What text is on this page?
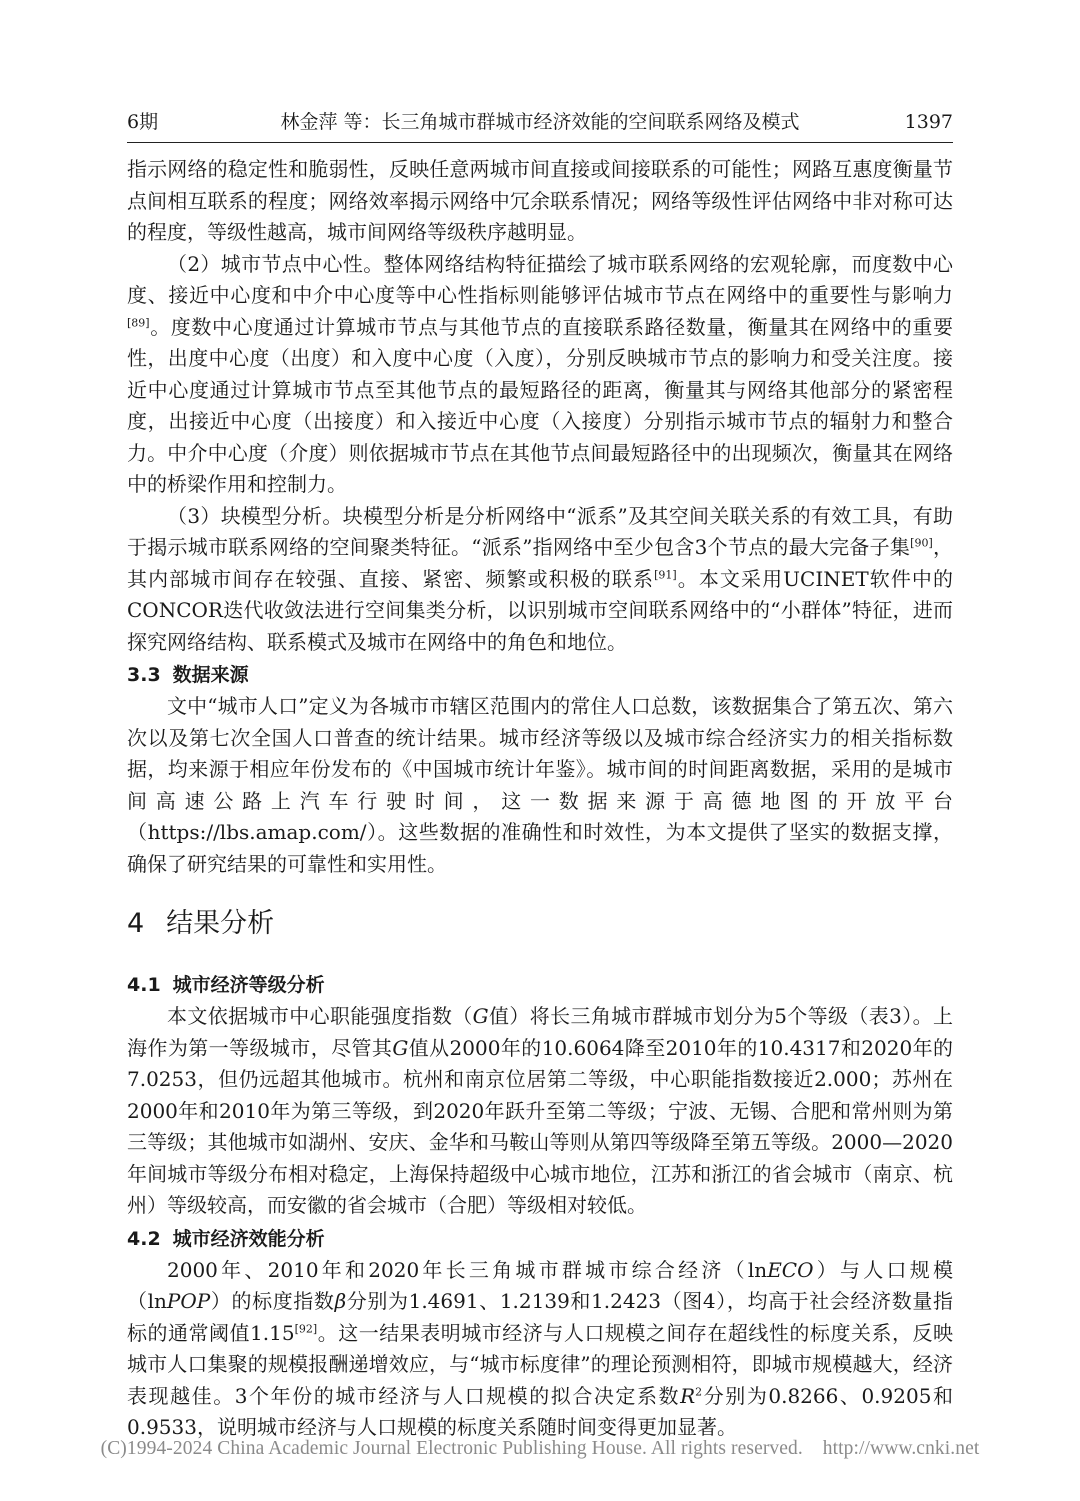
6期	林金萍 等：长三角城市群城市经济效能的空间联系网络及模式	1397

指示网络的稳定性和脆弱性，反映任意两城市间直接或间接联系的可能性；网路互惠度衡量节点间相互联系的程度；网络效率揭示网络中冗余联系情况；网络等级性评估网络中非对称可达的程度，等级性越高，城市间网络等级秩序越明显。

（2）城市节点中心性。整体网络结构特征描绘了城市联系网络的宏观轮廓，而度数中心度、接近中心度和中介中心度等中心性指标则能够评估城市节点在网络中的重要性与影响力[89]。度数中心度通过计算城市节点与其他节点的直接联系路径数量，衡量其在网络中的重要性，出度中心度（出度）和入度中心度（入度），分别反映城市节点的影响力和受关注度。接近中心度通过计算城市节点至其他节点的最短路径的距离，衡量其与网络其他部分的紧密程度，出接近中心度（出接度）和入接近中心度（入接度）分别指示城市节点的辐射力和整合力。中介中心度（介度）则依据城市节点在其他节点间最短路径中的出现频次，衡量其在网络中的桥梁作用和控制力。

（3）块模型分析。块模型分析是分析网络中“派系”及其空间关联关系的有效工具，有助于揭示城市联系网络的空间聚类特征。“派系”指网络中至少包含3个节点的最大完备子集[90]，其内部城市间存在较强、直接、紧密、频繁或积极的联系[91]。本文采用UCINET软件中的CONCOR迭代收敛法进行空间集类分析，以识别城市空间联系网络中的“小群体”特征，进而探究网络结构、联系模式及城市在网络中的角色和地位。

3.3 数据来源

文中“城市人口”定义为各城市市辖区范围内的常住人口总数，该数据集合了第五次、第六次以及第七次全国人口普查的统计结果。城市经济等级以及城市综合经济实力的相关指标数据，均来源于相应年份发布的《中国城市统计年鉴》。城市间的时间距离数据，采用的是城市间高速公路上汽车行驶时间，这一数据来源于高德地图的开放平台（https://lbs.amap.com/）。这些数据的准确性和时效性，为本文提供了坚实的数据支撑，确保了研究结果的可靠性和实用性。

4 结果分析
4.1 城市经济等级分析

本文依据城市中心职能强度指数（G值）将长三角城市群城市划分为5个等级（表3）。上海作为第一等级城市，尽管其G值从2000年的10.6064降至2010年的10.4317和2020年的7.0253，但仍远超其他城市。杭州和南京位居第二等级，中心职能指数接近2.000；苏州在2000年和2010年为第三等级，到2020年跃升至第二等级；宁波、无锡、合肥和常州则为第三等级；其他城市如湖州、安庆、金华和马鞍山等则从第四等级降至第五等级。2000—2020年间城市等级分布相对稳定，上海保持超级中心城市地位，江苏和浙江的省会城市（南京、杭州）等级较高，而安徽的省会城市（合肥）等级相对较低。

4.2 城市经济效能分析

2000年、2010年和2020年长三角城市群城市综合经济（lnECO）与人口规模（lnPOP）的标度指数β分别为1.4691、1.2139和1.2423（图4），均高于社会经济数量指标的通常阈值1.15[92]。这一结果表明城市经济与人口规模之间存在超线性的标度关系，反映城市人口集聚的规模报酬递增效应，与“城市标度律”的理论预测相符，即城市规模越大，经济表现越佳。3个年份的城市经济与人口规模的拟合决定系数$R^2$分别为0.8266、0.9205和0.9533，说明城市经济与人口规模的标度关系随时间变得更加显著。

(C)1994-2024 China Academic Journal Electronic Publishing House. All rights reserved. http://www.cnki.net
